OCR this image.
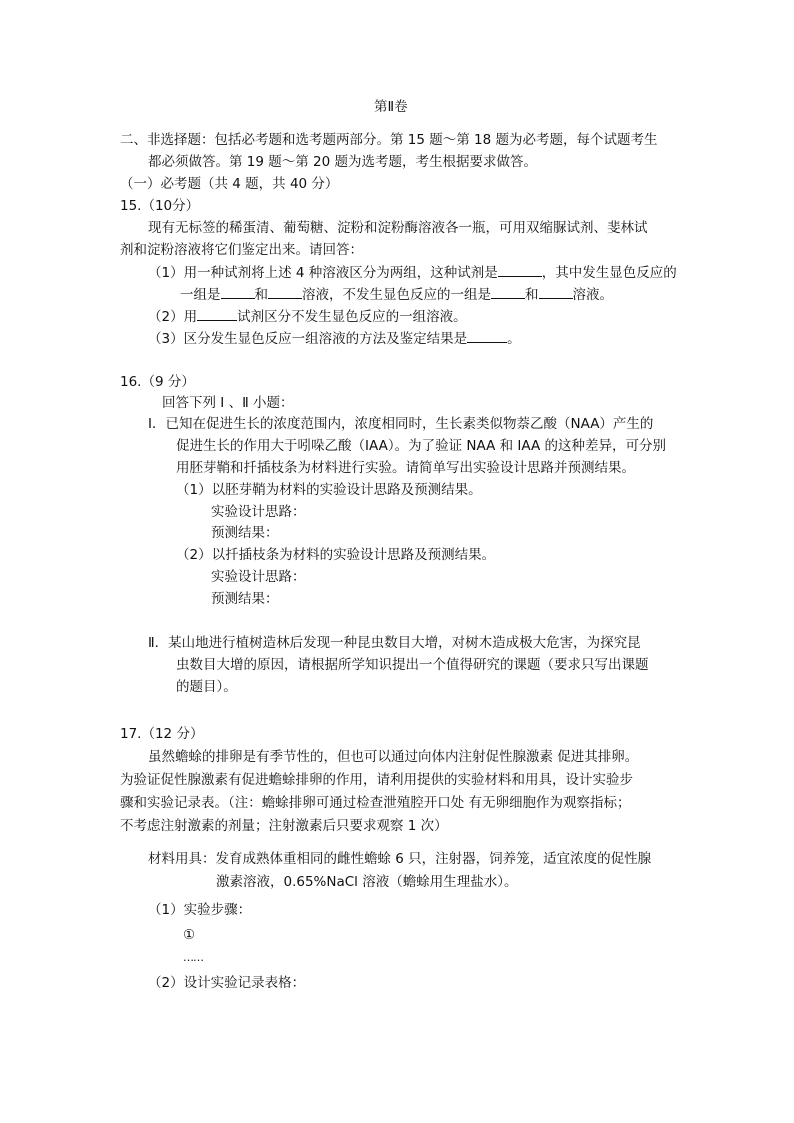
第Ⅱ卷
二、非选择题：包括必考题和选考题两部分。第 15 题～第 18 题为必考题，每个试题考生
都必须做答。第 19 题～第 20 题为选考题，考生根据要求做答。
（一）必考题（共 4 题，共 40 分）
15.（10分）
现有无标签的稀蛋清、葡萄糖、淀粉和淀粉酶溶液各一瓶，可用双缩脲试剂、斐林试
剂和淀粉溶液将它们鉴定出来。请回答：
（1）用一种试剂将上述 4 种溶液区分为两组，这种试剂是	，其中发生显色反应的
一组是	和	溶液，不发生显色反应的一组是	和	溶液。
（2）用	试剂区分不发生显色反应的一组溶液。
（3）区分发生显色反应一组溶液的方法及鉴定结果是	。
16.（9 分）
回答下列 Ⅰ 、Ⅱ 小题：
Ⅰ．已知在促进生长的浓度范围内，浓度相同时，生长素类似物萘乙酸（NAA）产生的
促进生长的作用大于吲哚乙酸（IAA）。为了验证 NAA 和 IAA 的这种差异，可分别
用胚芽鞘和扦插枝条为材料进行实验。请简单写出实验设计思路并预测结果。
（1）以胚芽鞘为材料的实验设计思路及预测结果。
实验设计思路：
预测结果：
（2）以扦插枝条为材料的实验设计思路及预测结果。
实验设计思路：
预测结果：
Ⅱ．某山地进行植树造林后发现一种昆虫数目大增，对树木造成极大危害，为探究昆
虫数目大增的原因，请根据所学知识提出一个值得研究的课题（要求只写出课题
的题目）。
17.（12 分）
虽然蟾蜍的排卵是有季节性的，但也可以通过向体内注射促性腺激素 促进其排卵。
为验证促性腺激素有促进蟾蜍排卵的作用，请利用提供的实验材料和用具，设计实验步
骤和实验记录表。（注：蟾蜍排卵可通过检查泄殖腔开口处 有无卵细胞作为观察指标；
不考虑注射激素的剂量；注射激素后只要求观察 1 次）
材料用具：发育成熟体重相同的雌性蟾蜍 6 只，注射器，饲养笼，适宜浓度的促性腺
激素溶液，0.65%NaCl 溶液（蟾蜍用生理盐水）。
（1）实验步骤：
①
……
（2）设计实验记录表格：
